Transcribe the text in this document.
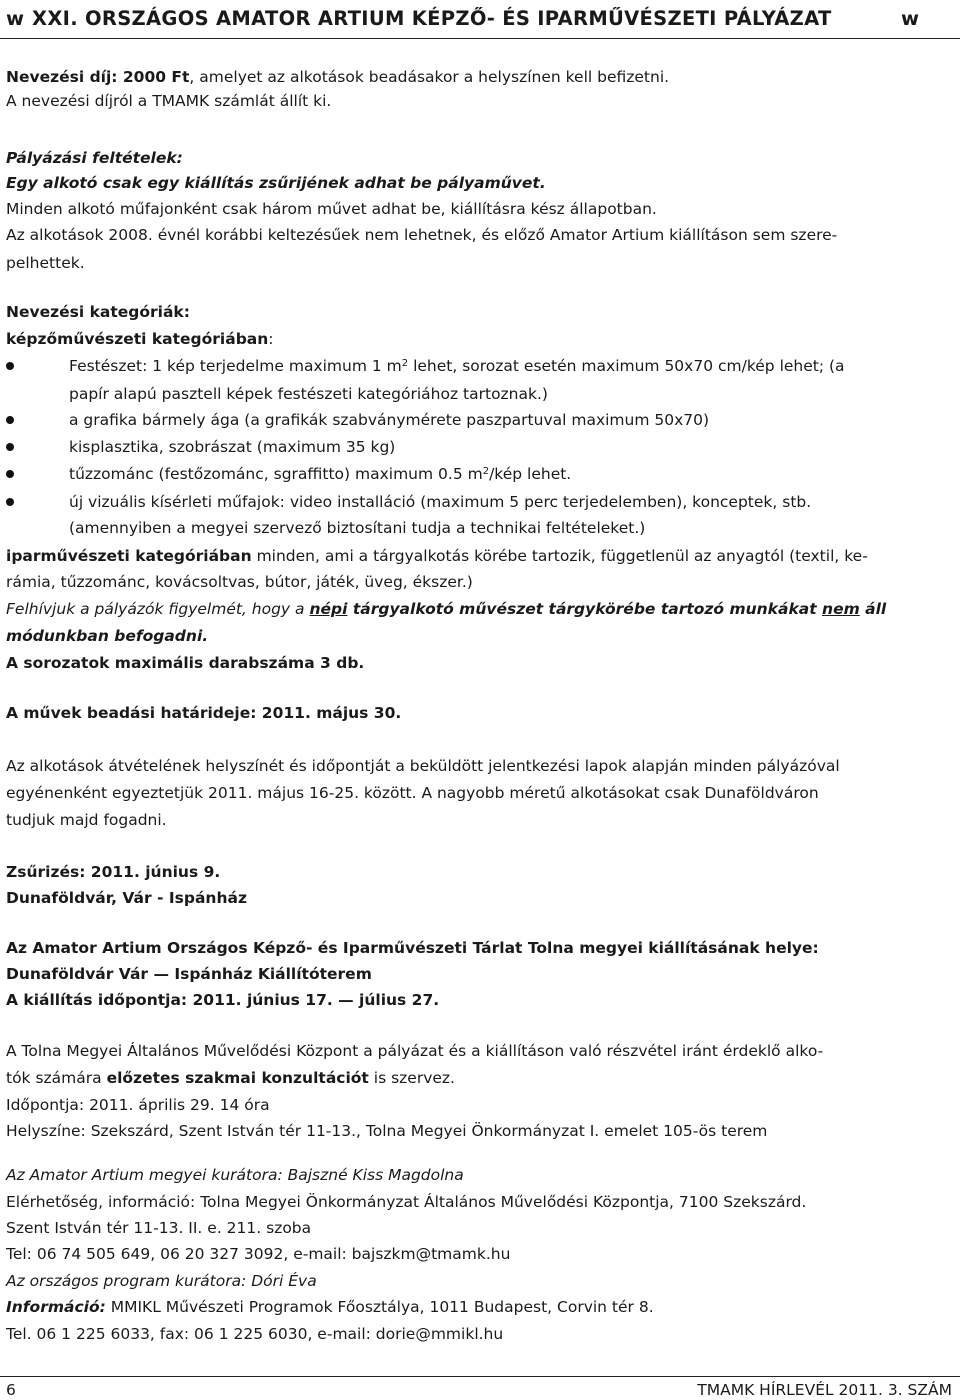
w XXI. ORSZÁGOS AMATOR ARTIUM KÉPZŐ- ÉS IPARMŰVÉSZETI PÁLYÁZAT	w
Nevezési díj: 2000 Ft, amelyet az alkotások beadásakor a helyszínen kell befizetni.
A nevezési díjról a TMAMK számlát állít ki.
Pályázási feltételek:
Egy alkotó csak egy kiállítás zsűrijének adhat be pályaművet.
Minden alkotó műfajonként csak három művet adhat be, kiállításra kész állapotban.
Az alkotások 2008. évnél korábbi keltezésűek nem lehetnek, és előző Amator Artium kiállításon sem szere-
pelhettek.
Nevezési kategóriák:
képzőművészeti kategóriában:
Festészet: 1 kép terjedelme maximum 1 $m^2$ lehet, sorozat esetén maximum 50x70 cm/kép lehet; (a
papír alapú pasztell képek festészeti kategóriához tartoznak.)
a grafika bármely ága (a grafikák szabványmérete paszpartuval maximum 50x70)
kisplasztika, szobrászat (maximum 35 kg)
tűzzománc (festőzománc, sgraffitto) maximum 0.5 $m^2$/kép lehet.
új vizuális kísérleti műfajok: video installáció (maximum 5 perc terjedelemben), konceptek, stb.
(amennyiben a megyei szervező biztosítani tudja a technikai feltételeket.)
iparművészeti kategóriában minden, ami a tárgyalkotás körébe tartozik, függetlenül az anyagtól (textil, ke-
rámia, tűzzománc, kovácsoltvas, bútor, játék, üveg, ékszer.)
Felhívjuk a pályázók figyelmét, hogy a népi tárgyalkotó művészet tárgykörébe tartozó munkákat nem áll
módunkban befogadni.
A sorozatok maximális darabszáma 3 db.
A művek beadási határideje: 2011. május 30.
Az alkotások átvételének helyszínét és időpontját a beküldött jelentkezési lapok alapján minden pályázóval
egyénenként egyeztetjük 2011. május 16-25. között. A nagyobb méretű alkotásokat csak Dunaföldváron
tudjuk majd fogadni.
Zsűrizés: 2011. június 9.
Dunaföldvár, Vár - Ispánház
Az Amator Artium Országos Képző- és Iparművészeti Tárlat Tolna megyei kiállításának helye:
Dunaföldvár Vár — Ispánház Kiállítóterem
A kiállítás időpontja: 2011. június 17. — július 27.
A Tolna Megyei Általános Művelődési Központ a pályázat és a kiállításon való részvétel iránt érdeklő alko-
tók számára előzetes szakmai konzultációt is szervez.
Időpontja: 2011. április 29. 14 óra
Helyszíne: Szekszárd, Szent István tér 11-13., Tolna Megyei Önkormányzat I. emelet 105-ös terem
Az Amator Artium megyei kurátora: Bajszné Kiss Magdolna
Elérhetőség, információ: Tolna Megyei Önkormányzat Általános Művelődési Központja, 7100 Szekszárd.
Szent István tér 11-13. II. e. 211. szoba
Tel: 06 74 505 649, 06 20 327 3092, e-mail: bajszkm@tmamk.hu
Az országos program kurátora: Dóri Éva
Információ: MMIKL Művészeti Programok Főosztálya, 1011 Budapest, Corvin tér 8.
Tel. 06 1 225 6033, fax: 06 1 225 6030, e-mail: dorie@mmikl.hu
6	TMAMK HÍRLEVÉL 2011. 3. SZÁM
